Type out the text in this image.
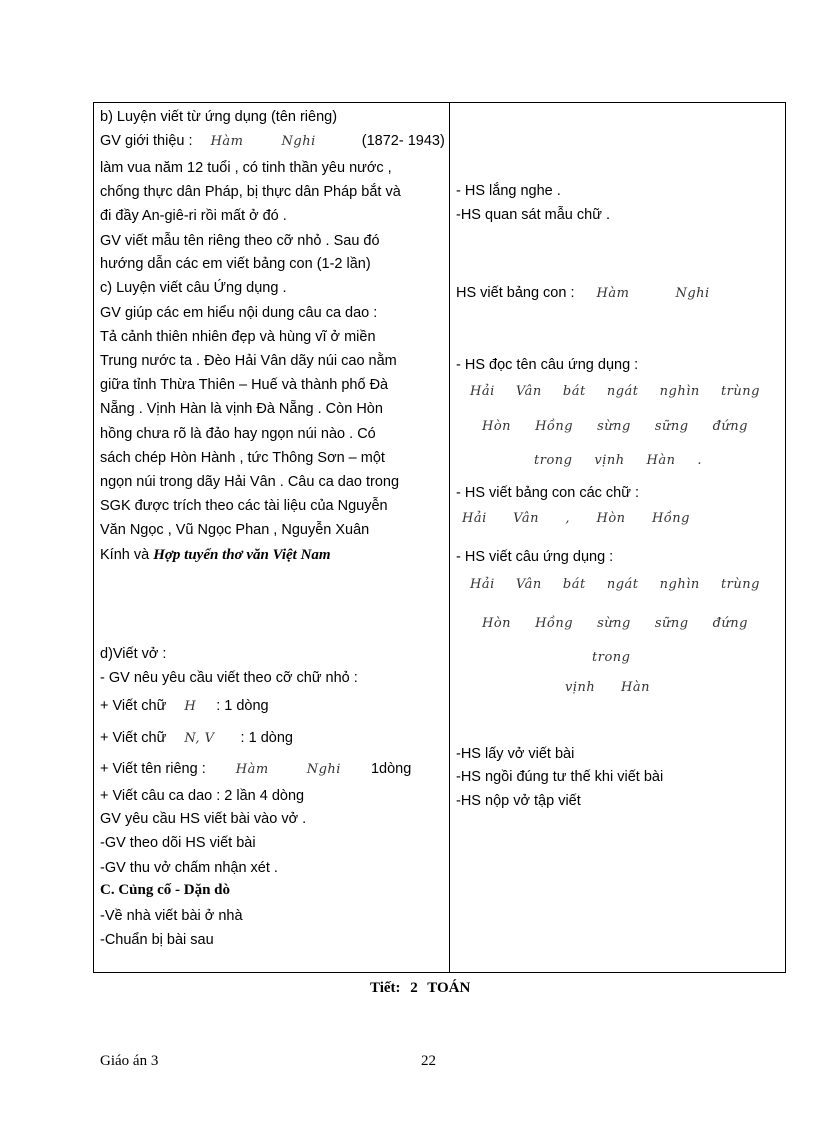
b) Luyện viết từ ứng dụng (tên riêng)
GV giới thiệu : Hàm	Nghi	(1872- 1943)
làm vua năm 12 tuổi , có tinh thần yêu nước ,
chống thực dân Pháp, bị thực dân Pháp bắt và
đi đầy An-giê-ri rồi mất ở đó .
GV viết mẫu tên riêng theo cỡ nhỏ . Sau đó
hướng dẫn các em viết bảng con (1-2 lần)
c) Luyện viết câu Ứng dụng .
GV giúp các em hiểu nội dung câu ca dao :
Tả cảnh thiên nhiên đẹp và hùng vĩ ở miền
Trung nước ta . Đèo Hải Vân dãy núi cao nằm
giữa tỉnh Thừa Thiên – Huế và thành phố Đà
Nẵng . Vịnh Hàn là vịnh Đà Nẵng . Còn Hòn
hồng chưa rõ là đảo hay ngọn núi nào . Có
sách chép Hòn Hành , tức Thông Sơn – một
ngọn núi trong dãy Hải Vân . Câu ca dao trong
SGK được trích theo các tài liệu của Nguyễn
Văn Ngọc , Vũ Ngọc Phan , Nguyễn Xuân
Kính và Hợp tuyển thơ văn Việt Nam
d)Viết vở :
- GV nêu yêu cầu viết theo cỡ chữ nhỏ :
+ Viết chữ H : 1 dòng
+ Viết chữ N, V : 1 dòng
+ Viết tên riêng : Hàm	Nghi 1dòng
+ Viết câu ca dao : 2 lần 4 dòng
GV yêu cầu HS viết bài vào vở .
-GV theo dõi HS viết bài
-GV thu vở chấm nhận xét .
C. Củng cố - Dặn dò
-Về nhà viết bài ở nhà
-Chuẩn bị bài sau
- HS lắng nghe .
-HS quan sát mẫu chữ .
HS viết bảng con : Hàm	Nghi
- HS đọc tên câu ứng dụng :
Hải Vân bát ngát nghìn trùng
Hòn Hồng sừng sững đứng
trong vịnh Hàn .
- HS viết bảng con các chữ :
Hải Vân , Hòn Hồng
- HS viết câu ứng dụng :
Hải Vân bát ngát nghìn trùng
Hòn Hồng sừng sững đứng
trong
vịnh Hàn
-HS lấy vở viết bài
-HS ngồi đúng tư thế khi viết bài
-HS nộp vở tập viết
Tiết: 2 TOÁN
Giáo án 3	22
